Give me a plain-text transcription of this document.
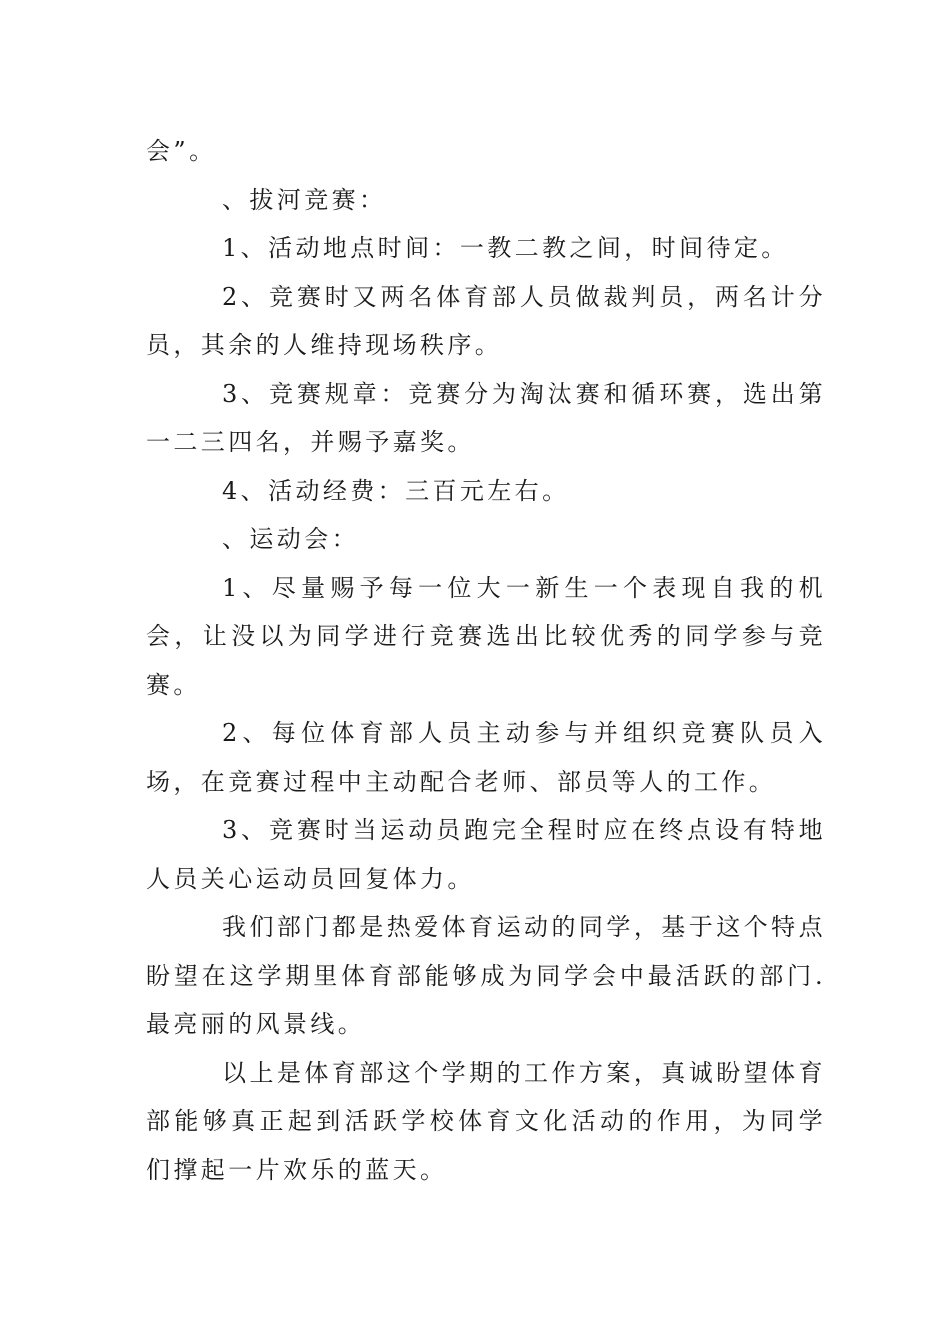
会”。

、拔河竞赛：

1、活动地点时间：一教二教之间，时间待定。

2、竞赛时又两名体育部人员做裁判员，两名计分员，其余的人维持现场秩序。

3、竞赛规章：竞赛分为淘汰赛和循环赛，选出第一二三四名，并赐予嘉奖。

4、活动经费：三百元左右。

、运动会：

1、尽量赐予每一位大一新生一个表现自我的机会，让没以为同学进行竞赛选出比较优秀的同学参与竞赛。

2、每位体育部人员主动参与并组织竞赛队员入场，在竞赛过程中主动配合老师、部员等人的工作。

3、竞赛时当运动员跑完全程时应在终点设有特地人员关心运动员回复体力。

我们部门都是热爱体育运动的同学，基于这个特点盼望在这学期里体育部能够成为同学会中最活跃的部门.最亮丽的风景线。

以上是体育部这个学期的工作方案，真诚盼望体育部能够真正起到活跃学校体育文化活动的作用，为同学们撑起一片欢乐的蓝天。
